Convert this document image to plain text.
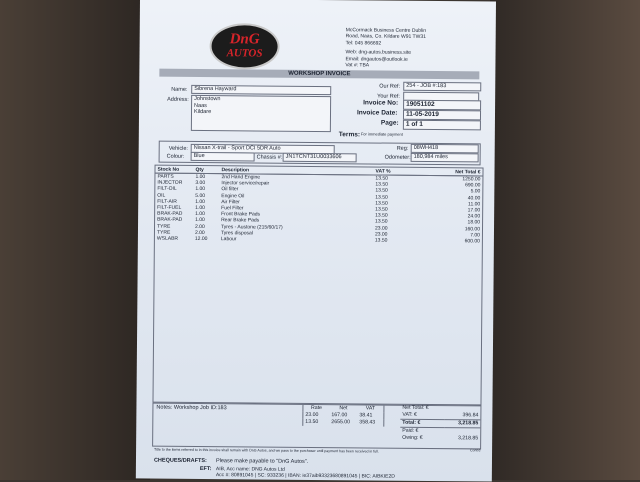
DnG
AUTOS
McCormack Business Centre Dublin
Road, Naas, Co. Kildare W91 TW31
Tel: 045 866692
Web: dng-autos.business.site
Email: dngautos@outlook.ie
Vat #: TBA
WORKSHOP INVOICE
Name:	Sibrena Hayward
Address: Johnstown
Naas
Kildare
Our Ref:	254 - JOB #:183
Your Ref:
Invoice No:	19051102
Invoice Date:	11-05-2019
Page:	1 of 1
Terms: For immediate payment
Vehicle:	Nissan X-trail - Sport DCI 5DR Auto
Colour:	Blue	Chassis #: JN1TCNT31U0033606
Reg: 08WH418
Odometer: 180,984 miles
Stock No	Qty	Description	VAT %	Net Total €
PARTS	1.00	2nd Hand Engine	13.50	1250.00
INJECTOR	3.00	Injector service/repair	13.50	690.00
FILT-OIL	1.00	Oil filter	13.50	5.00
OIL	5.00	Engine Oil	13.50	40.00
FILT-AIR	1.00	Air Filter	13.50	11.00
FILT-FUEL	1.00	Fuel Filter	13.50	17.00
BRAK-PAD	1.00	Front Brake Pads	13.50	24.00
BRAK-PAD	1.00	Rear Brake Pads	13.50	18.00
TYRE	2.00	Tyres - Austone (215/60/17)	23.00	160.00
TYRE	2.00	Tyres disposal	23.00	7.00
WSLABR	12.00	Labour	13.50	600.00
Notes: Workshop Job ID:183	Rate	Net	VAT
23.00	167.00	38.41
13.50	2655.00	358.43
Net Total: €	
VAT: €	396.84
Total: €	3,218.85
Paid: €	
Owing: €	3,218.85
Cont'd
Title to the items referred to in this invoice shall remain with DnG Autos, and we pass to the purchaser until payment has been received in full.
CHEQUES/DRAFTS: Please make payable to "DnG Autos".
EFT: AIB, Acc name: DNG Autos Ltd
Acc #: 80891045 | SC: 933236 | IBAN: ie37aib93323680891045 | BIC: AIBKIE2D
